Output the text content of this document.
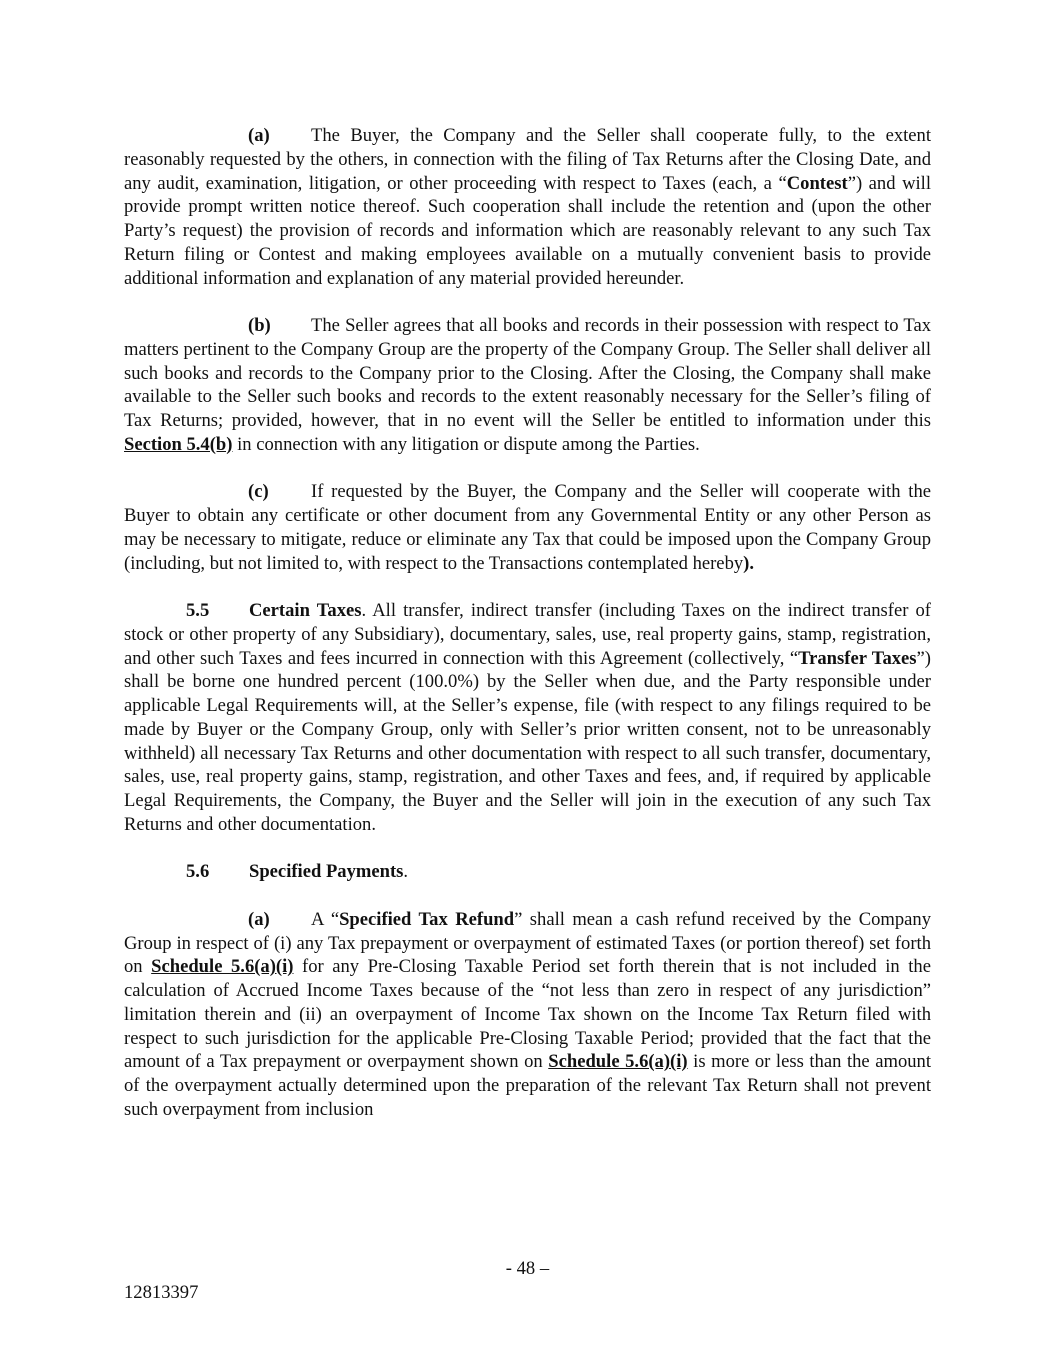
(a) The Buyer, the Company and the Seller shall cooperate fully, to the extent reasonably requested by the others, in connection with the filing of Tax Returns after the Closing Date, and any audit, examination, litigation, or other proceeding with respect to Taxes (each, a “Contest”) and will provide prompt written notice thereof. Such cooperation shall include the retention and (upon the other Party’s request) the provision of records and information which are reasonably relevant to any such Tax Return filing or Contest and making employees available on a mutually convenient basis to provide additional information and explanation of any material provided hereunder.

(b) The Seller agrees that all books and records in their possession with respect to Tax matters pertinent to the Company Group are the property of the Company Group. The Seller shall deliver all such books and records to the Company prior to the Closing. After the Closing, the Company shall make available to the Seller such books and records to the extent reasonably necessary for the Seller’s filing of Tax Returns; provided, however, that in no event will the Seller be entitled to information under this Section 5.4(b) in connection with any litigation or dispute among the Parties.

(c) If requested by the Buyer, the Company and the Seller will cooperate with the Buyer to obtain any certificate or other document from any Governmental Entity or any other Person as may be necessary to mitigate, reduce or eliminate any Tax that could be imposed upon the Company Group (including, but not limited to, with respect to the Transactions contemplated hereby).

5.5 Certain Taxes. All transfer, indirect transfer (including Taxes on the indirect transfer of stock or other property of any Subsidiary), documentary, sales, use, real property gains, stamp, registration, and other such Taxes and fees incurred in connection with this Agreement (collectively, “Transfer Taxes”) shall be borne one hundred percent (100.0%) by the Seller when due, and the Party responsible under applicable Legal Requirements will, at the Seller’s expense, file (with respect to any filings required to be made by Buyer or the Company Group, only with Seller’s prior written consent, not to be unreasonably withheld) all necessary Tax Returns and other documentation with respect to all such transfer, documentary, sales, use, real property gains, stamp, registration, and other Taxes and fees, and, if required by applicable Legal Requirements, the Company, the Buyer and the Seller will join in the execution of any such Tax Returns and other documentation.

5.6 Specified Payments.

(a) A “Specified Tax Refund” shall mean a cash refund received by the Company Group in respect of (i) any Tax prepayment or overpayment of estimated Taxes (or portion thereof) set forth on Schedule 5.6(a)(i) for any Pre-Closing Taxable Period set forth therein that is not included in the calculation of Accrued Income Taxes because of the “not less than zero in respect of any jurisdiction” limitation therein and (ii) an overpayment of Income Tax shown on the Income Tax Return filed with respect to such jurisdiction for the applicable Pre-Closing Taxable Period; provided that the fact that the amount of a Tax prepayment or overpayment shown on Schedule 5.6(a)(i) is more or less than the amount of the overpayment actually determined upon the preparation of the relevant Tax Return shall not prevent such overpayment from inclusion

- 48 –
12813397
